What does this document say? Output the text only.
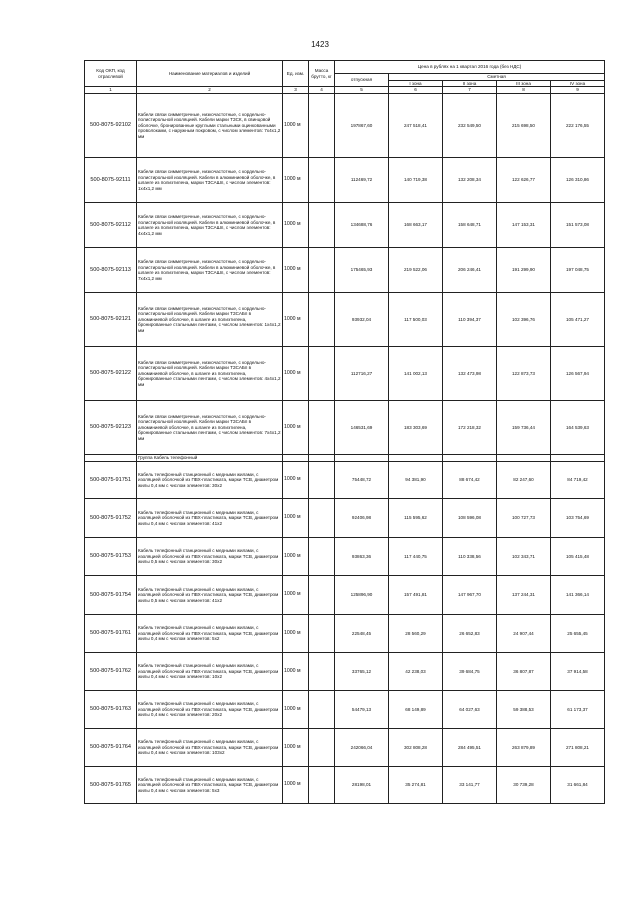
1423
Код ОКП, код отраслевой	Наименование материалов и изделий	Ед. изм.	Масса брутто, кг	Цена в рублях на 1 квартал 2016 года (без НДС)				
				отпускная	Сметная			
					I зона	II зона	III зона	IV зона

1	2	3	4	5	6	7	8	9
500-8075-92102	Кабели связи симметричные, низкочастотные, с кордельно-полистирольной изоляцией. Кабели марки ТЗСК, в свинцовой оболочке, бронированные круглыми стальными оцинкованными проволоками, с наружным покровом, с числом элементов: 7х4х1,2 мм	1000 м		197867,60	247 518,41	232 549,50	215 698,50	222 176,55
500-8075-92111	Кабели связи симметричные, низкочастотные, с кордельно-полистирольной изоляцией. Кабели в алюминиевой оболочке, в шланге из полиэтилена, марки ТЗСАШп, с числом элементов: 1х4х1,2 мм	1000 м		112469,72	140 719,38	132 208,34	122 626,77	126 310,86
500-8075-92112	Кабели связи симметричные, низкочастотные, с кордельно-полистирольной изоляцией. Кабели в алюминиевой оболочке, в шланге из полиэтилена, марки ТЗСАШп, с числом элементов: 4х4х1,2 мм	1000 м		134688,76	168 663,17	158 648,71	147 153,31	151 573,08
500-8075-92113	Кабели связи симметричные, низкочастотные, с кордельно-полистирольной изоляцией. Кабели в алюминиевой оболочке, в шланге из полиэтилена, марки ТЗСАШп, с числом элементов: 7х4х1,2 мм	1000 м		175465,93	219 522,06	206 246,41	191 299,90	197 048,75
500-8075-92121	Кабели связи симметричные, низкочастотные, с кордельно-полистирольной изоляцией. Кабели марки ТЗСАБп в алюминиевой оболочке, в шланге из полиэтилена, бронированные стальными лентами, с числом элементов: 1х4х1,2 мм	1000 м		93932,04	117 500,03	110 394,37	102 396,76	105 471,27
500-8075-92122	Кабели связи симметричные, низкочастотные, с кордельно-полистирольной изоляцией. Кабели марки ТЗСАБп в алюминиевой оболочке, в шланге из полиэтилена, бронированные стальными лентами, с числом элементов: 4х4х1,2 мм	1000 м		112716,27	141 002,13	132 473,98	122 873,73	126 567,94
500-8075-92123	Кабели связи симметричные, низкочастотные, с кордельно-полистирольной изоляцией. Кабели марки ТЗСАБп в алюминиевой оболочке, в шланге из полиэтилена, бронированные стальными лентами, с числом элементов: 7х4х1,2 мм	1000 м		146531,69	183 303,69	172 218,32	159 736,44	164 539,63
	Группа Кабель телефонный							
500-8075-91751	Кабель телефонный станционный с медными жилами, с изоляцией оболочкой из ПВХ-пластиката, марки ТСВ, диаметром жилы 0,4 мм с числом элементов: 30х2	1000 м		75448,72	94 381,90	88 674,42	82 247,60	84 719,42
500-8075-91752	Кабель телефонный станционный с медными жилами, с изоляцией оболочкой из ПВХ-пластиката, марки ТСВ, диаметром жилы 0,4 мм с числом элементов: 41х2	1000 м		92406,98	115 595,62	108 596,08	100 727,73	103 754,69
500-8075-91753	Кабель телефонный станционный с медными жилами, с изоляцией оболочкой из ПВХ-пластиката, марки ТСВ, диаметром жилы 0,5 мм с числом элементов: 30х2	1000 м		93863,36	117 440,75	110 338,56	102 343,71	105 415,48
500-8075-91754	Кабель телефонный станционный с медными жилами, с изоляцией оболочкой из ПВХ-пластиката, марки ТСВ, диаметром жилы 0,5 мм с числом элементов: 41х2	1000 м		125896,90	157 491,81	147 967,70	137 244,31	141 366,14
500-8075-91761	Кабель телефонный станционный с медными жилами, с изоляцией оболочкой из ПВХ-пластиката, марки ТСВ, диаметром жилы 0,4 мм с числом элементов: 5х2	1000 м		22548,45	28 560,29	26 652,83	24 907,44	25 655,45
500-8075-91762	Кабель телефонный станционный с медными жилами, с изоляцией оболочкой из ПВХ-пластиката, марки ТСВ, диаметром жилы 0,4 мм с числом элементов: 10х2	1000 м		33765,12	42 238,03	39 684,75	36 807,87	37 914,58
500-8075-91763	Кабель телефонный станционный с медными жилами, с изоляцией оболочкой из ПВХ-пластиката, марки ТСВ, диаметром жилы 0,4 мм с числом элементов: 20х2	1000 м		54479,13	68 149,89	64 027,63	59 388,53	61 173,37
500-8075-91764	Кабель телефонный станционный с медными жилами, с изоляцией оболочкой из ПВХ-пластиката, марки ТСВ, диаметром жилы 0,4 мм с числом элементов: 103х2	1000 м		242066,04	302 808,28	284 495,51	263 879,89	271 808,21
500-8075-91765	Кабель телефонный станционный с медными жилами, с изоляцией оболочкой из ПВХ-пластиката, марки ТСВ, диаметром жилы 0,4 мм с числом элементов: 5х3	1000 м		28198,01	35 274,81	33 141,77	30 739,28	31 661,84
